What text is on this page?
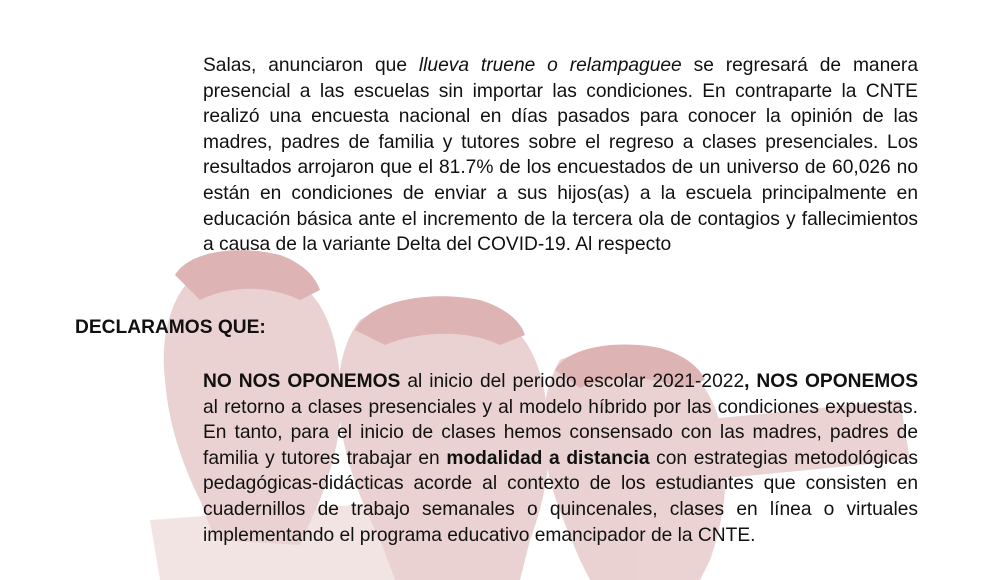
Salas, anunciaron que llueva truene o relampaguee se regresará de manera presencial a las escuelas sin importar las condiciones. En contraparte la CNTE realizó una encuesta nacional en días pasados para conocer la opinión de las madres, padres de familia y tutores sobre el regreso a clases presenciales. Los resultados arrojaron que el 81.7% de los encuestados de un universo de 60,026 no están en condiciones de enviar a sus hijos(as) a la escuela principalmente en educación básica ante el incremento de la tercera ola de contagios y fallecimientos a causa de la variante Delta del COVID-19. Al respecto

DECLARAMOS QUE:

NO NOS OPONEMOS al inicio del periodo escolar 2021-2022, NOS OPONEMOS al retorno a clases presenciales y al modelo híbrido por las condiciones expuestas. En tanto, para el inicio de clases hemos consensado con las madres, padres de familia y tutores trabajar en modalidad a distancia con estrategias metodológicas pedagógicas-didácticas acorde al contexto de los estudiantes que consisten en cuadernillos de trabajo semanales o quincenales, clases en línea o virtuales implementando el programa educativo emancipador de la CNTE.
